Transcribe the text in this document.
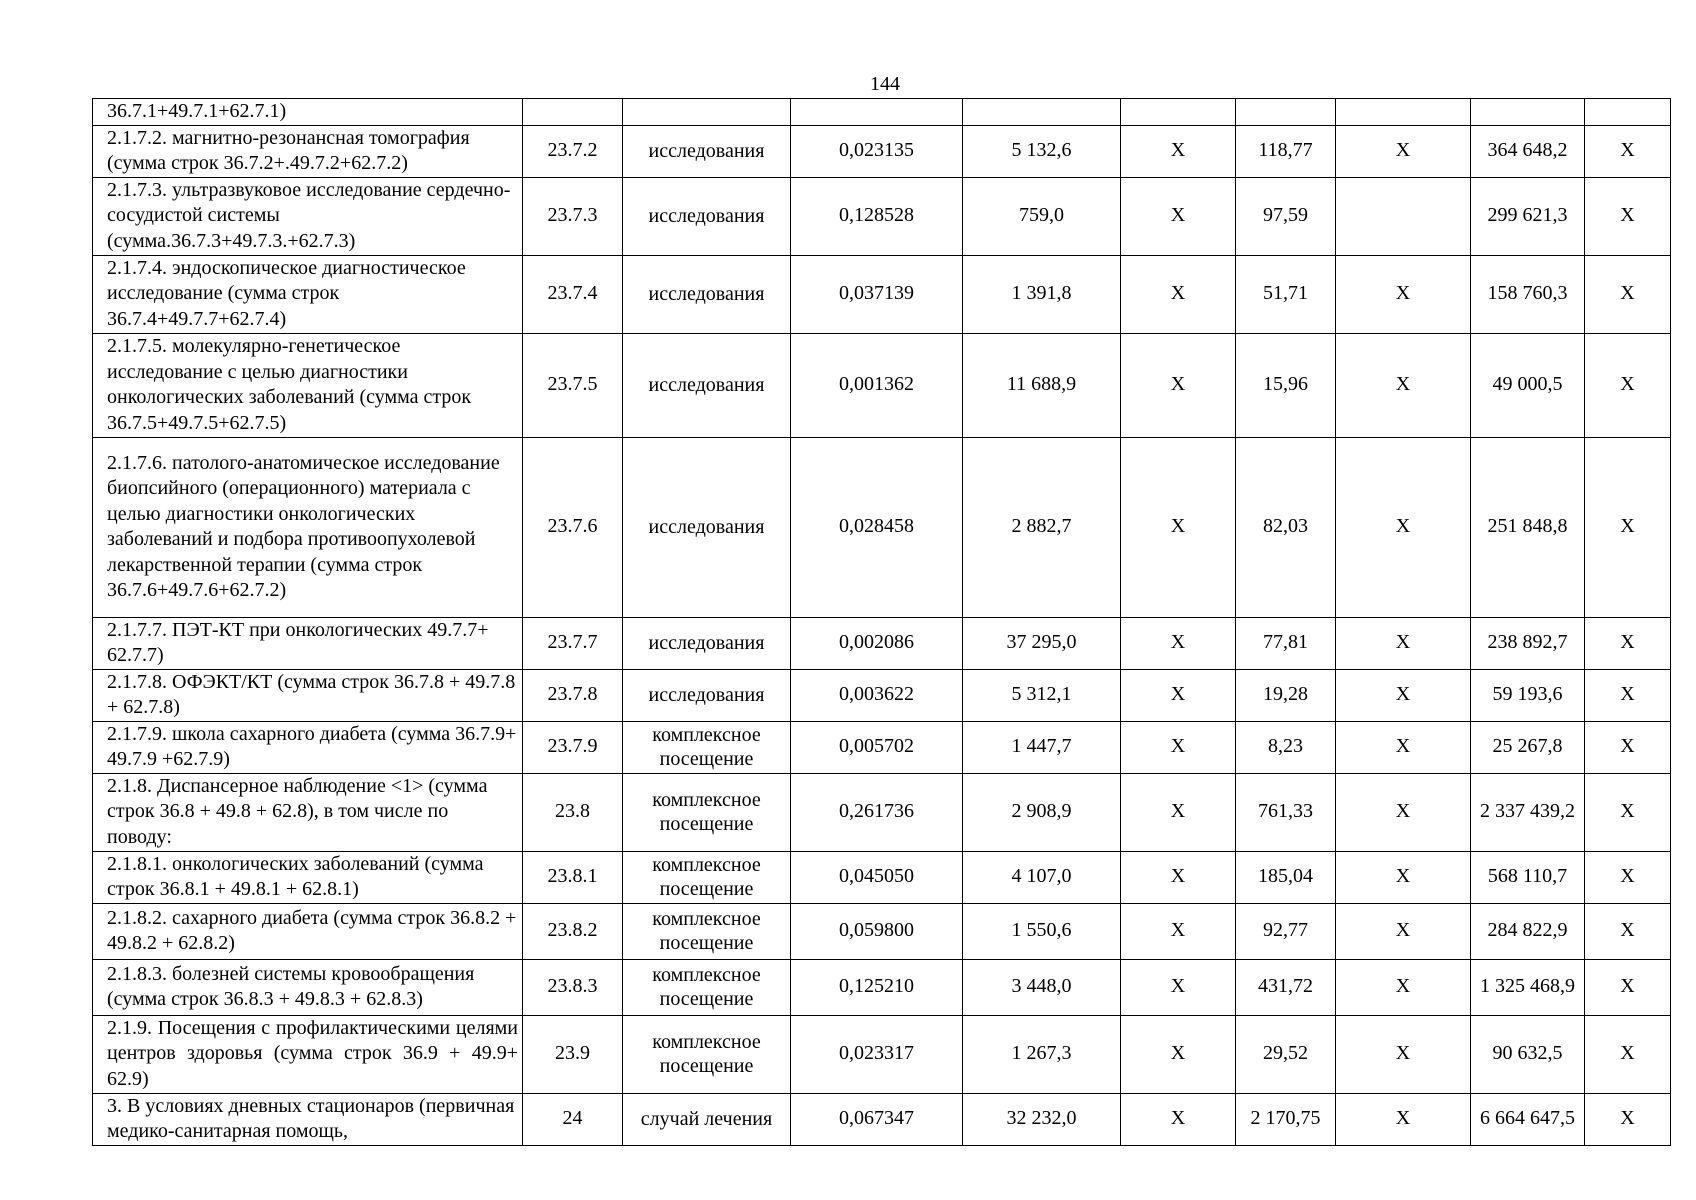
144
36.7.1+49.7.1+62.7.1)									
2.1.7.2. магнитно-резонансная томография (сумма строк 36.7.2+.49.7.2+62.7.2)	23.7.2	исследования	0,023135	5 132,6	X	118,77	X	364 648,2	X
2.1.7.3. ультразвуковое исследование сердечно-сосудистой системы (сумма.36.7.3+49.7.3.+62.7.3)	23.7.3	исследования	0,128528	759,0	X	97,59		299 621,3	X
2.1.7.4. эндоскопическое диагностическое исследование (сумма строк 36.7.4+49.7.7+62.7.4)	23.7.4	исследования	0,037139	1 391,8	X	51,71	X	158 760,3	X
2.1.7.5. молекулярно-генетическое исследование с целью диагностики онкологических заболеваний (сумма строк 36.7.5+49.7.5+62.7.5)	23.7.5	исследования	0,001362	11 688,9	X	15,96	X	49 000,5	X
2.1.7.6. патолого-анатомическое исследование биопсийного (операционного) материала с целью диагностики онкологических заболеваний и подбора противоопухолевой лекарственной терапии (сумма строк 36.7.6+49.7.6+62.7.2)	23.7.6	исследования	0,028458	2 882,7	X	82,03	X	251 848,8	X
2.1.7.7. ПЭТ-КТ при онкологических 49.7.7+ 62.7.7)	23.7.7	исследования	0,002086	37 295,0	X	77,81	X	238 892,7	X
2.1.7.8. ОФЭКТ/КТ (сумма строк 36.7.8 + 49.7.8 + 62.7.8)	23.7.8	исследования	0,003622	5 312,1	X	19,28	X	59 193,6	X
2.1.7.9. школа сахарного диабета (сумма 36.7.9+ 49.7.9 +62.7.9)	23.7.9	комплексное посещение	0,005702	1 447,7	X	8,23	X	25 267,8	X
2.1.8. Диспансерное наблюдение <1> (сумма строк 36.8 + 49.8 + 62.8), в том числе по поводу:	23.8	комплексное посещение	0,261736	2 908,9	X	761,33	X	2 337 439,2	X
2.1.8.1. онкологических заболеваний (сумма строк 36.8.1 + 49.8.1 + 62.8.1)	23.8.1	комплексное посещение	0,045050	4 107,0	X	185,04	X	568 110,7	X
2.1.8.2. сахарного диабета (сумма строк 36.8.2 + 49.8.2 + 62.8.2)	23.8.2	комплексное посещение	0,059800	1 550,6	X	92,77	X	284 822,9	X
2.1.8.3. болезней системы кровообращения (сумма строк 36.8.3 + 49.8.3 + 62.8.3)	23.8.3	комплексное посещение	0,125210	3 448,0	X	431,72	X	1 325 468,9	X
2.1.9. Посещения с профилактическими целями центров здоровья (сумма строк 36.9 + 49.9+ 62.9)	23.9	комплексное посещение	0,023317	1 267,3	X	29,52	X	90 632,5	X
3. В условиях дневных стационаров (первичная медико-санитарная помощь,	24	случай лечения	0,067347	32 232,0	X	2 170,75	X	6 664 647,5	X
